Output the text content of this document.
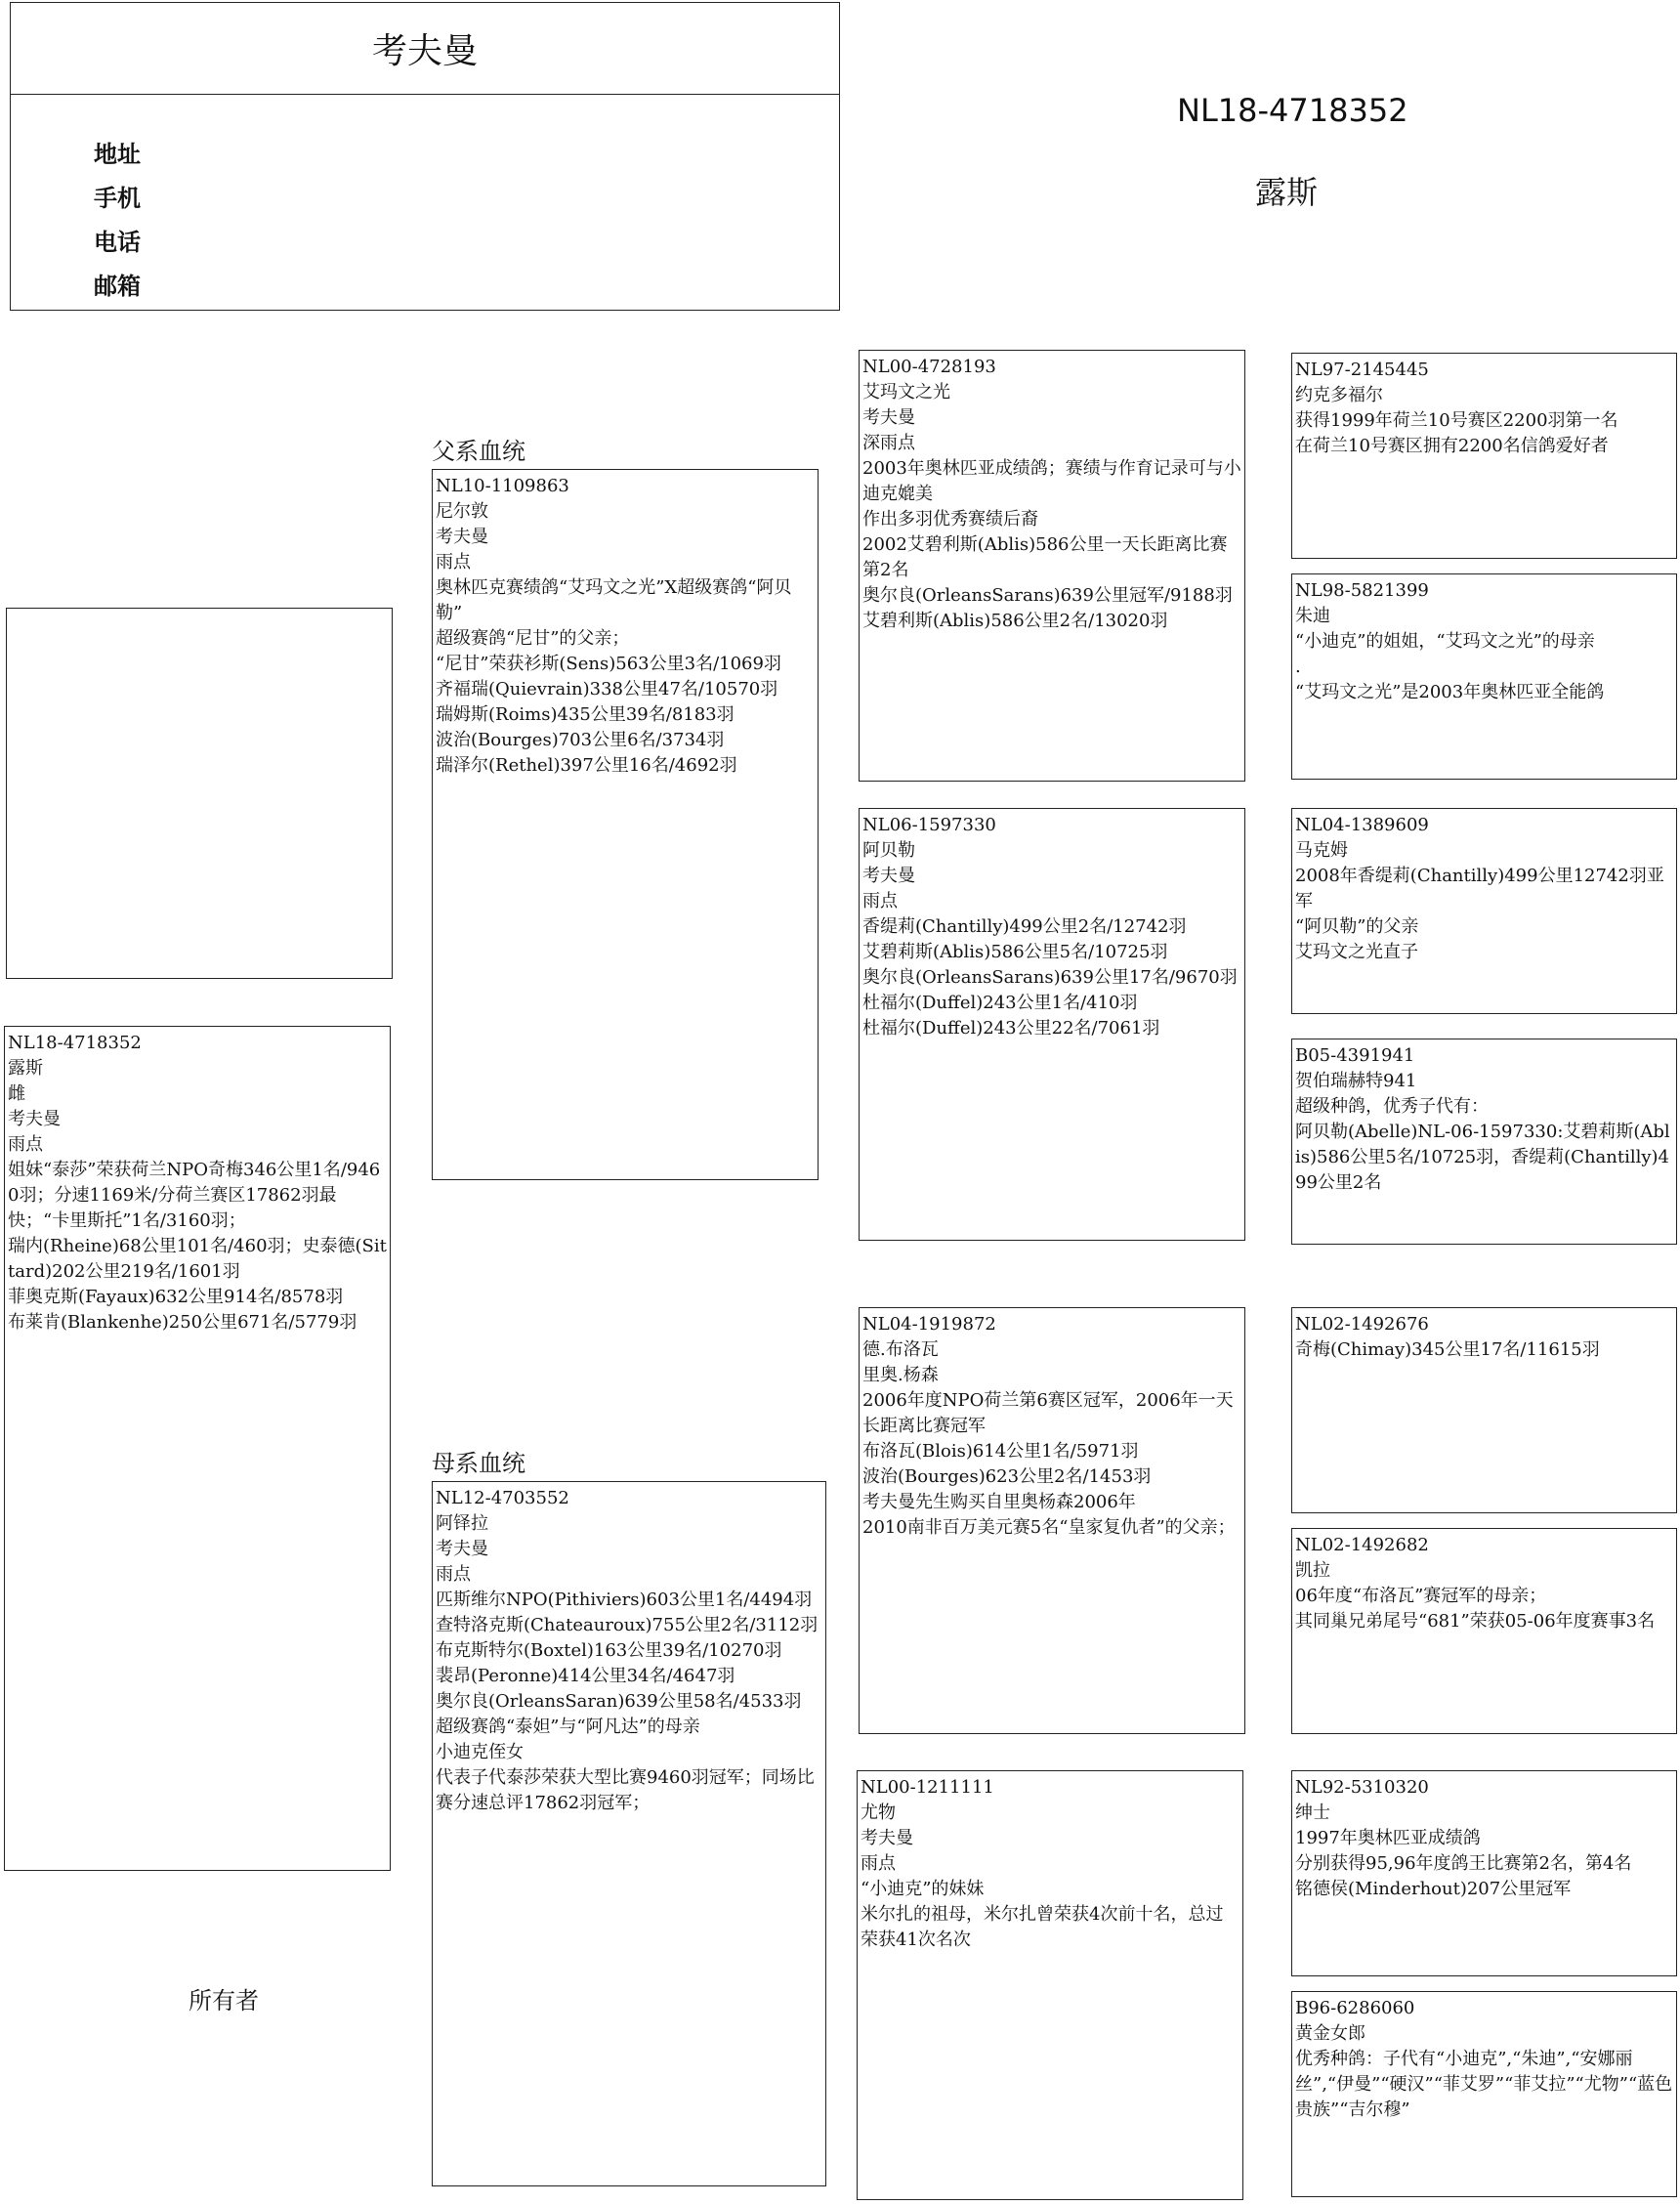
考夫曼
地址
手机
电话
邮箱
NL18-4718352
露斯
所有者
父系血统
母系血统
NL18-4718352
露斯
雌
考夫曼
雨点
姐妹“泰莎”荣获荷兰NPO奇梅346公里1名/9460羽；分速1169米/分荷兰赛区17862羽最快；“卡里斯托”1名/3160羽；
瑞内(Rheine)68公里101名/460羽；史泰德(Sittard)202公里219名/1601羽
菲奥克斯(Fayaux)632公里914名/8578羽
布莱肯(Blankenhe)250公里671名/5779羽
NL10-1109863
尼尔敦
考夫曼
雨点
奥林匹克赛绩鸽“艾玛文之光”X超级赛鸽“阿贝勒”
超级赛鸽“尼甘”的父亲；
“尼甘”荣获衫斯(Sens)563公里3名/1069羽
齐福瑞(Quievrain)338公里47名/10570羽
瑞姆斯(Roims)435公里39名/8183羽
波治(Bourges)703公里6名/3734羽
瑞泽尔(Rethel)397公里16名/4692羽
NL12-4703552
阿铎拉
考夫曼
雨点
匹斯维尔NPO(Pithiviers)603公里1名/4494羽
查特洛克斯(Chateauroux)755公里2名/3112羽
布克斯特尔(Boxtel)163公里39名/10270羽
裴昂(Peronne)414公里34名/4647羽
奥尔良(OrleansSaran)639公里58名/4533羽
超级赛鸽“泰妲”与“阿凡达”的母亲
小迪克侄女
代表子代泰莎荣获大型比赛9460羽冠军；同场比赛分速总评17862羽冠军；
NL00-4728193
艾玛文之光
考夫曼
深雨点
2003年奥林匹亚成绩鸽；赛绩与作育记录可与小迪克媲美
作出多羽优秀赛绩后裔
2002艾碧利斯(Ablis)586公里一天长距离比赛第2名
奥尔良(OrleansSarans)639公里冠军/9188羽
艾碧利斯(Ablis)586公里2名/13020羽
NL06-1597330
阿贝勒
考夫曼
雨点
香缇莉(Chantilly)499公里2名/12742羽
艾碧莉斯(Ablis)586公里5名/10725羽
奥尔良(OrleansSarans)639公里17名/9670羽
杜福尔(Duffel)243公里1名/410羽
杜福尔(Duffel)243公里22名/7061羽
NL04-1919872
德.布洛瓦
里奥.杨森
2006年度NPO荷兰第6赛区冠军，2006年一天长距离比赛冠军
布洛瓦(Blois)614公里1名/5971羽
波治(Bourges)623公里2名/1453羽
考夫曼先生购买自里奥杨森2006年
2010南非百万美元赛5名“皇家复仇者”的父亲；
NL00-1211111
尤物
考夫曼
雨点
“小迪克”的妹妹
米尔扎的祖母，米尔扎曾荣获4次前十名，总过荣获41次名次
NL97-2145445
约克多福尔
获得1999年荷兰10号赛区2200羽第一名
在荷兰10号赛区拥有2200名信鸽爱好者
NL98-5821399
朱迪
“小迪克”的姐姐，“艾玛文之光”的母亲
.
“艾玛文之光”是2003年奥林匹亚全能鸽
NL04-1389609
马克姆
2008年香缇莉(Chantilly)499公里12742羽亚军
“阿贝勒”的父亲
艾玛文之光直子
B05-4391941
贺伯瑞赫特941
超级种鸽，优秀子代有：
阿贝勒(Abelle)NL-06-1597330:艾碧莉斯(Ablis)586公里5名/10725羽，香缇莉(Chantilly)499公里2名
NL02-1492676
奇梅(Chimay)345公里17名/11615羽
NL02-1492682
凯拉
06年度“布洛瓦”赛冠军的母亲；
其同巢兄弟尾号“681”荣获05-06年度赛事3名
NL92-5310320
绅士
1997年奥林匹亚成绩鸽
分别获得95,96年度鸽王比赛第2名，第4名
铭德侯(Minderhout)207公里冠军
B96-6286060
黄金女郎
优秀种鸽：子代有“小迪克”,“朱迪”,“安娜丽丝”,“伊曼”“硬汉”“菲艾罗”“菲艾拉”“尤物”“蓝色贵族”“吉尔穆”
